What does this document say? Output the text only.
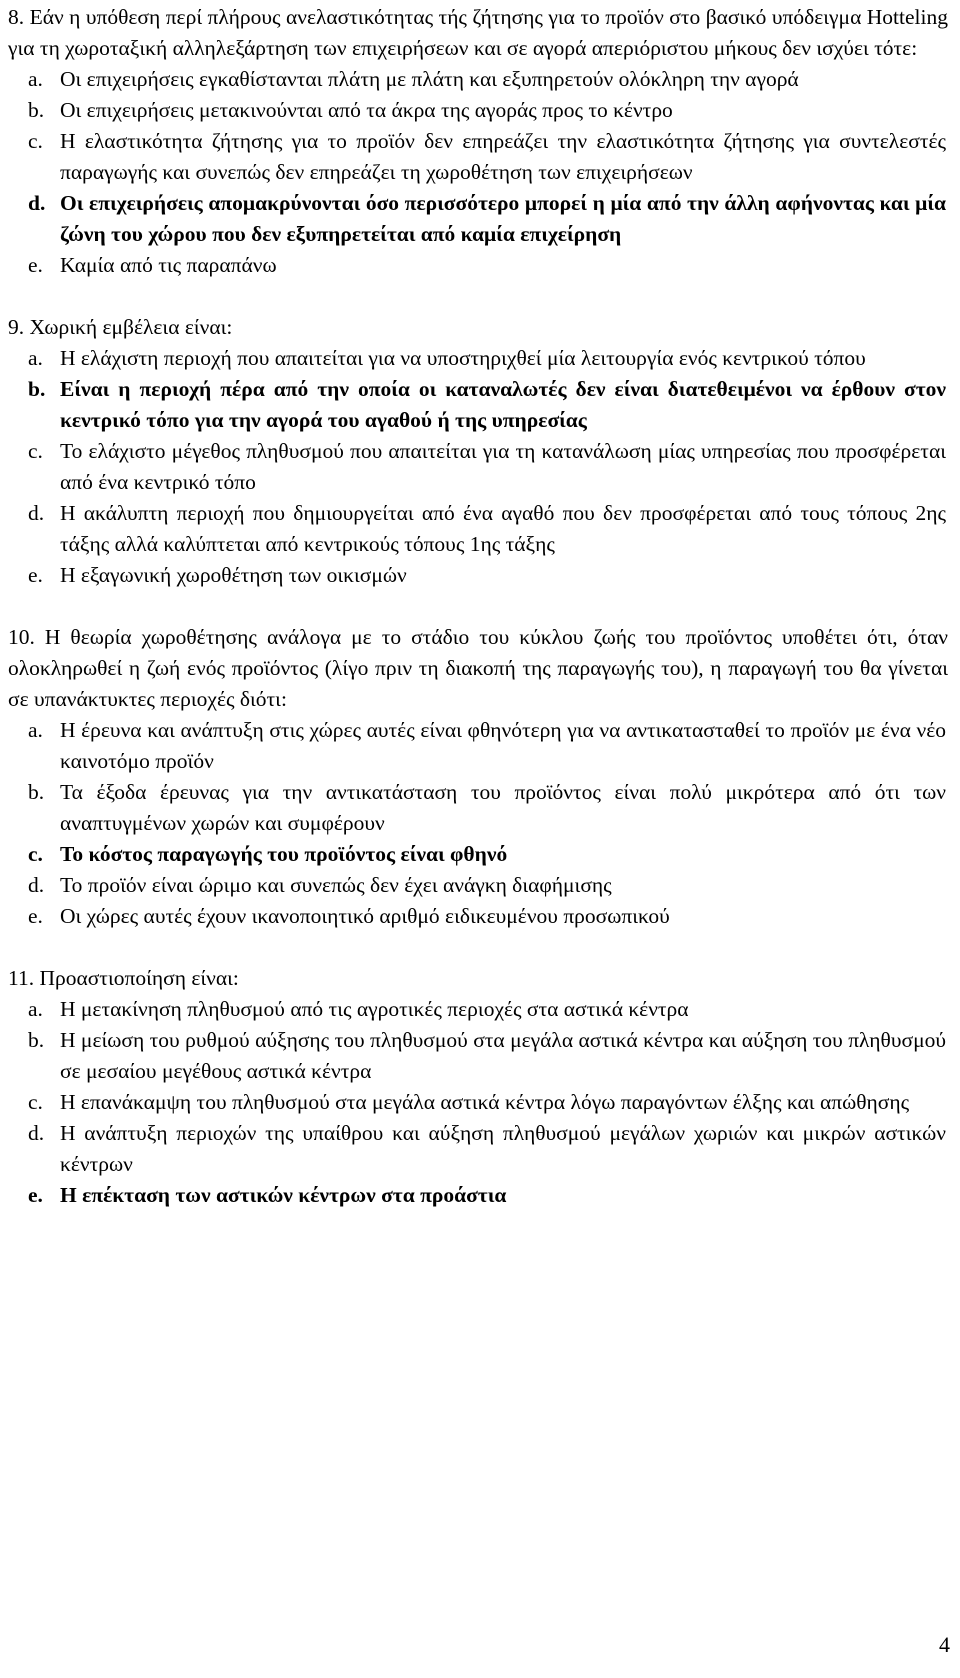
8. Εάν η υπόθεση περί πλήρους ανελαστικότητας τής ζήτησης για το προϊόν στο βασικό υπόδειγμα Hotteling για τη χωροταξική αλληλεξάρτηση των επιχειρήσεων και σε αγορά απεριόριστου μήκους δεν ισχύει τότε:
a. Οι επιχειρήσεις εγκαθίστανται πλάτη με πλάτη και εξυπηρετούν ολόκληρη την αγορά
b. Οι επιχειρήσεις μετακινούνται από τα άκρα της αγοράς προς το κέντρο
c. Η ελαστικότητα ζήτησης για το προϊόν δεν επηρεάζει την ελαστικότητα ζήτησης για συντελεστές παραγωγής και συνεπώς δεν επηρεάζει τη χωροθέτηση των επιχειρήσεων
d. Οι επιχειρήσεις απομακρύνονται όσο περισσότερο μπορεί η μία από την άλλη αφήνοντας και μία ζώνη του χώρου που δεν εξυπηρετείται από καμία επιχείρηση
e. Καμία από τις παραπάνω
9. Χωρική εμβέλεια είναι:
a. Η ελάχιστη περιοχή που απαιτείται για να υποστηριχθεί μία λειτουργία ενός κεντρικού τόπου
b. Είναι η περιοχή πέρα από την οποία οι καταναλωτές δεν είναι διατεθειμένοι να έρθουν στον κεντρικό τόπο για την αγορά του αγαθού ή της υπηρεσίας
c. Το ελάχιστο μέγεθος πληθυσμού που απαιτείται για τη κατανάλωση μίας υπηρεσίας που προσφέρεται από ένα κεντρικό τόπο
d. Η ακάλυπτη περιοχή που δημιουργείται από ένα αγαθό που δεν προσφέρεται από τους τόπους 2ης τάξης αλλά καλύπτεται από κεντρικούς τόπους 1ης τάξης
e. Η εξαγωνική χωροθέτηση των οικισμών
10. Η θεωρία χωροθέτησης ανάλογα με το στάδιο του κύκλου ζωής του προϊόντος υποθέτει ότι, όταν ολοκληρωθεί η ζωή ενός προϊόντος (λίγο πριν τη διακοπή της παραγωγής του), η παραγωγή του θα γίνεται σε υπανάκτυκτες περιοχές διότι:
a. Η έρευνα και ανάπτυξη στις χώρες αυτές είναι φθηνότερη για να αντικατασταθεί το προϊόν με ένα νέο καινοτόμο προϊόν
b. Τα έξοδα έρευνας για την αντικατάσταση του προϊόντος είναι πολύ μικρότερα από ότι των αναπτυγμένων χωρών και συμφέρουν
c. Το κόστος παραγωγής του προϊόντος είναι φθηνό
d. Το προϊόν είναι ώριμο και συνεπώς δεν έχει ανάγκη διαφήμισης
e. Οι χώρες αυτές έχουν ικανοποιητικό αριθμό ειδικευμένου προσωπικού
11. Προαστιοποίηση είναι:
a. Η μετακίνηση πληθυσμού από τις αγροτικές περιοχές στα αστικά κέντρα
b. Η μείωση του ρυθμού αύξησης του πληθυσμού στα μεγάλα αστικά κέντρα και αύξηση του πληθυσμού σε μεσαίου μεγέθους αστικά κέντρα
c. Η επανάκαμψη του πληθυσμού στα μεγάλα αστικά κέντρα λόγω παραγόντων έλξης και απώθησης
d. Η ανάπτυξη περιοχών της υπαίθρου και αύξηση πληθυσμού μεγάλων χωριών και μικρών αστικών κέντρων
e. Η επέκταση των αστικών κέντρων στα προάστια
4
